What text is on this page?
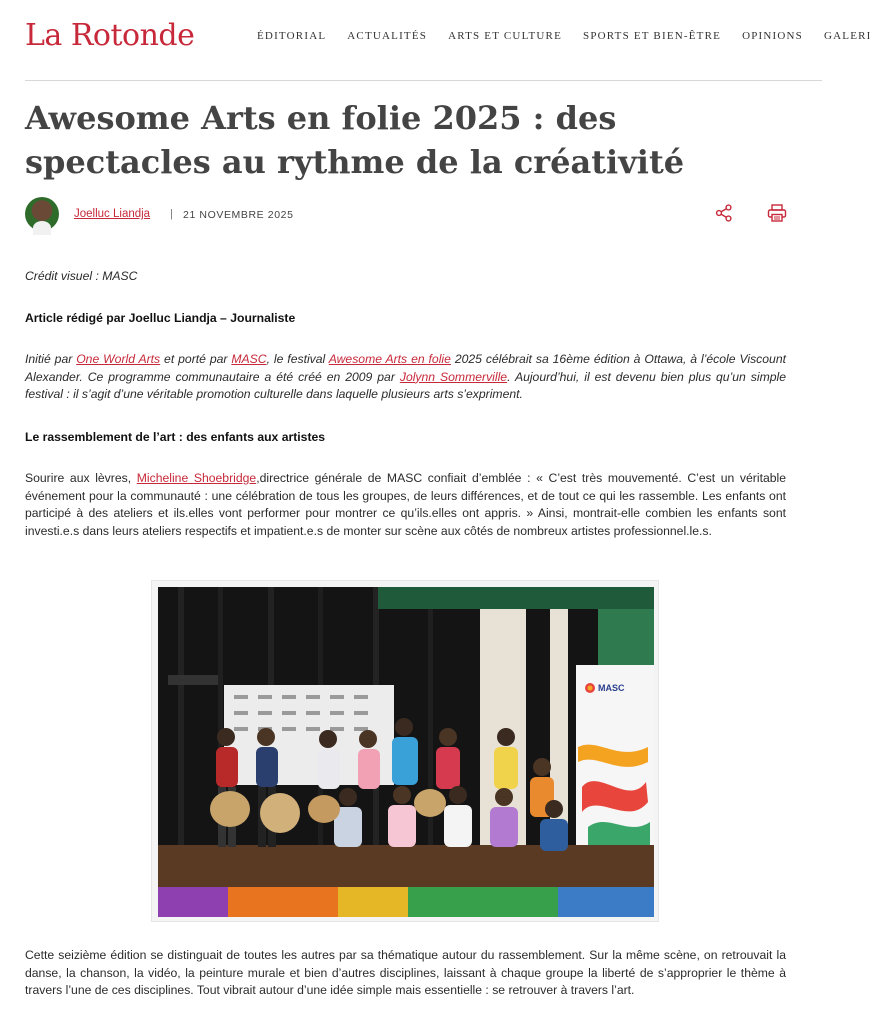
La Rotonde	ÉDITORIAL ACTUALITÉS ARTS ET CULTURE SPORTS ET BIEN-ÊTRE OPINIONS GALERI
Awesome Arts en folie 2025 : des spectacles au rythme de la créativité
Joelluc Liandja | 21 NOVEMBRE 2025

Crédit visuel : MASC

Article rédigé par Joelluc Liandja – Journaliste

Initié par One World Arts et porté par MASC, le festival Awesome Arts en folie 2025 célébrait sa 16ème édition à Ottawa, à l’école Viscount Alexander. Ce programme communautaire a été créé en 2009 par Jolynn Sommerville. Aujourd’hui, il est devenu bien plus qu’un simple festival : il s’agit d’une véritable promotion culturelle dans laquelle plusieurs arts s’expriment.

Le rassemblement de l’art : des enfants aux artistes

Sourire aux lèvres, Micheline Shoebridge,directrice générale de MASC confiait d’emblée : « C’est très mouvementé. C’est un véritable événement pour la communauté : une célébration de tous les groupes, de leurs différences, et de tout ce qui les rassemble. Les enfants ont participé à des ateliers et ils.elles vont performer pour montrer ce qu’ils.elles ont appris. » Ainsi, montrait-elle combien les enfants sont investi.e.s dans leurs ateliers respectifs et impatient.e.s de monter sur scène aux côtés de nombreux artistes professionnel.le.s.

MASC

Cette seizième édition se distinguait de toutes les autres par sa thématique autour du rassemblement. Sur la même scène, on retrouvait la danse, la chanson, la vidéo, la peinture murale et bien d’autres disciplines, laissant à chaque groupe la liberté de s’approprier le thème à travers l’une de ces disciplines. Tout vibrait autour d’une idée simple mais essentielle : se retrouver à travers l’art.
